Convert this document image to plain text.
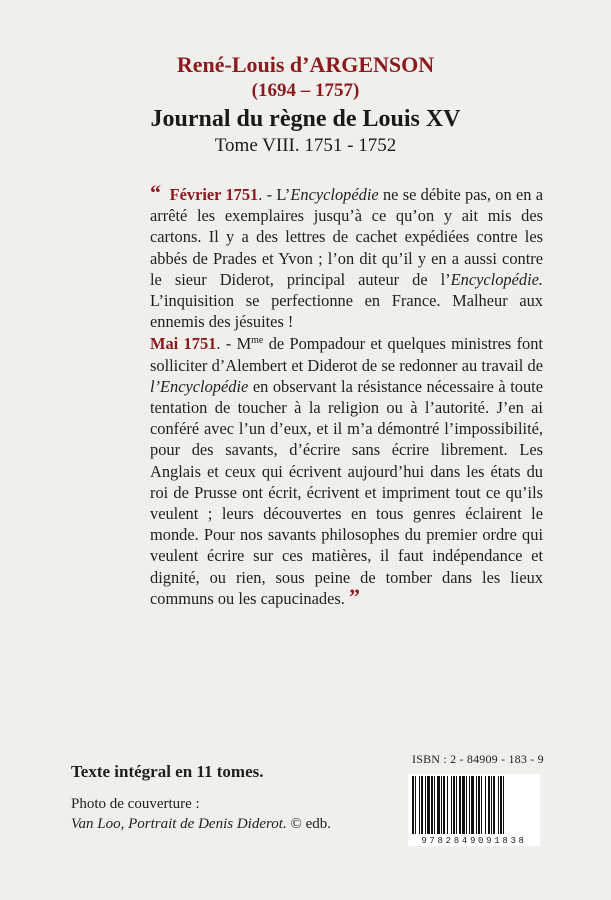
René-Louis d’ARGENSON
(1694 – 1757)
Journal du règne de Louis XV
Tome VIII. 1751 - 1752

“ Février 1751. - L’Encyclopédie ne se débite pas, on en a arrêté les exemplaires jusqu’à ce qu’on y ait mis des cartons. Il y a des lettres de cachet expédiées contre les abbés de Prades et Yvon ; l’on dit qu’il y en a aussi contre le sieur Diderot, principal auteur de l’Encyclopédie. L’inquisition se perfectionne en France. Malheur aux ennemis des jésuites !

Mai 1751. - $M^{me}$ de Pompadour et quelques ministres font solliciter d’Alembert et Diderot de se redonner au travail de l’Encyclopédie en observant la résistance nécessaire à toute tentation de toucher à la religion ou à l’autorité. J’en ai conféré avec l’un d’eux, et il m’a démontré l’impossibilité, pour des savants, d’écrire sans écrire librement. Les Anglais et ceux qui écrivent aujourd’hui dans les états du roi de Prusse ont écrit, écrivent et impriment tout ce qu’ils veulent ; leurs découvertes en tous genres éclairent le monde. Pour nos savants philosophes du premier ordre qui veulent écrire sur ces matières, il faut indépendance et dignité, ou rien, sous peine de tomber dans les lieux communs ou les capucinades. ”

Texte intégral en 11 tomes.
Photo de couverture :
Van Loo, Portrait de Denis Diderot. © edb.
ISBN : 2 - 84909 - 183 - 9
9782849091838
